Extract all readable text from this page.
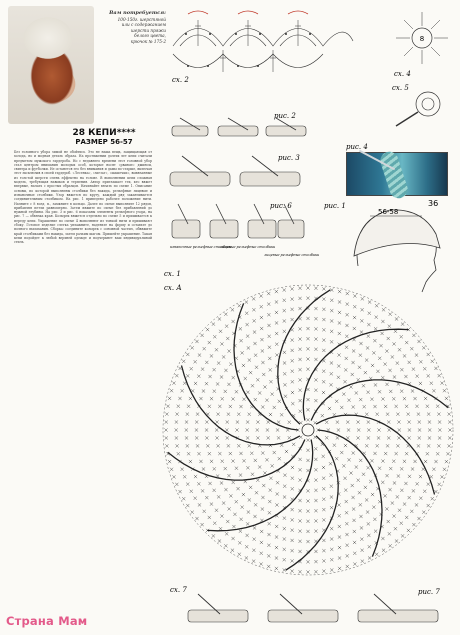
Вам потребуется:
100-150г. шерстяной
или с содержанием
шерсти пряжи
белого цвета,
крючок № 175-2
28 КЕПИ****
РАЗМЕР 56-57
Без головного убора зимой не обойтись. Это не наша вещь, защищающая от холода, но и модная деталь образа. На протяжении долгих лет кепи считали предметом мужского гардероба. Но с недавнего времени этот головной убор стал центром внимания молодых особ, которые носят «рваные» джинсы, свитера и футболки. Не останется его без внимания и дамы по-старше, включая этот эксклюзив в своей гардероб. «Лесенка», «зигзаг», «шашечки», вывязанные из толстой шерсти очень эффектно на голове. В выполнении кепи сложная модель, требующая навыков и терпения. Автор приглашает тех, кто вяжет впервые, начать с простых образцов. Начинайте вязать по схеме 1. Описание основы, по которой выполнены столбики без накида, рельефные лицевые и изнаночные столбики. Узор вяжется по кругу, каждый ряд заканчивается соединительным столбиком. На рис. 1 приведено рабочее положение нити. Начните с 8 возд. п., замкните в кольцо. Далее по схеме выполните 12 рядов, прибавляя петли равномерно. Затем вяжите по схеме без прибавлений до нужной глубины. На рис. 3 и рис. 6 показаны элементы рельефного узора, на рис. 7 — обвязка края. Козырек вяжется отдельно по схеме 5 и пришивается к переду кепи. Украшение по схеме 4 выполняют из тонкой нити и пришивают сбоку. Готовое изделие слегка увлажните, наденьте на форму и оставьте до полного высыхания. Сборка: соедините козырек с основной частью, обвяжите край столбиками без накида, затем рачьим шагом. Пришейте украшение. Такая кепи подойдет к любой верхней одежде и подчеркнет ваш индивидуальный стиль.
сх. 2
8
сх. 4
сх. 5
рис. 2
рис. 4
рис. 3
рис. 6
изнаночные рельефные столбики
лицевые рельефные столбики
лицевые рельефные столбики
56-58
36
рис. 1
сх. 1
сх. А
сх. 7	рис. 7
Страна Мам
